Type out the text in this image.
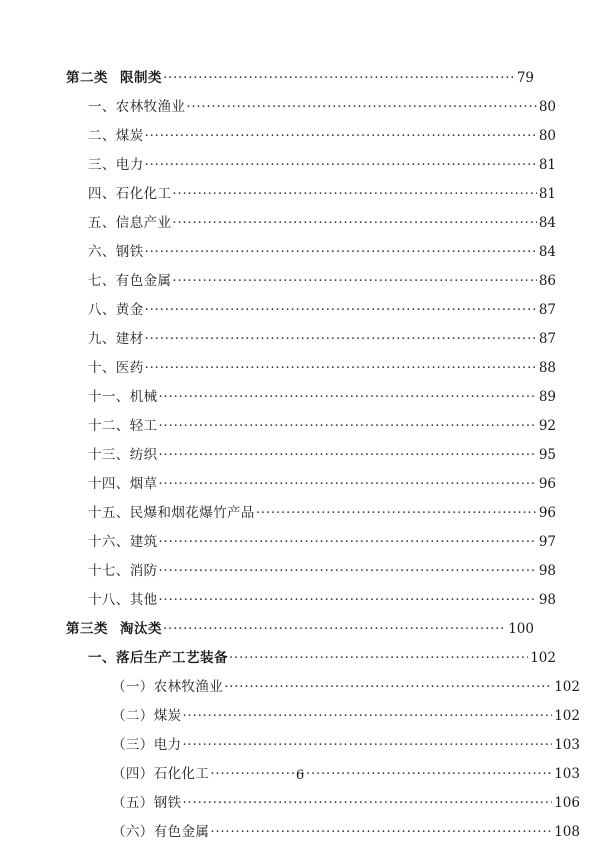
第二类 限制类 .....	79
一、农林牧渔业 .....	80
二、煤炭 .....	80
三、电力 .....	81
四、石化化工 .....	81
五、信息产业 .....	84
六、钢铁 .....	84
七、有色金属 .....	86
八、黄金 .....	87
九、建材 .....	87
十、医药 .....	88
十一、机械 .....	89
十二、轻工 .....	92
十三、纺织 .....	95
十四、烟草 .....	96
十五、民爆和烟花爆竹产品 .....	96
十六、建筑 .....	97
十七、消防 .....	98
十八、其他 .....	98
第三类 淘汰类 .....	100
一、落后生产工艺装备 .....	102
（一）农林牧渔业 .....	102
（二）煤炭 .....	102
（三）电力 .....	103
（四）石化化工 .....	103
（五）钢铁 .....	106
（六）有色金属 .....	108
6
